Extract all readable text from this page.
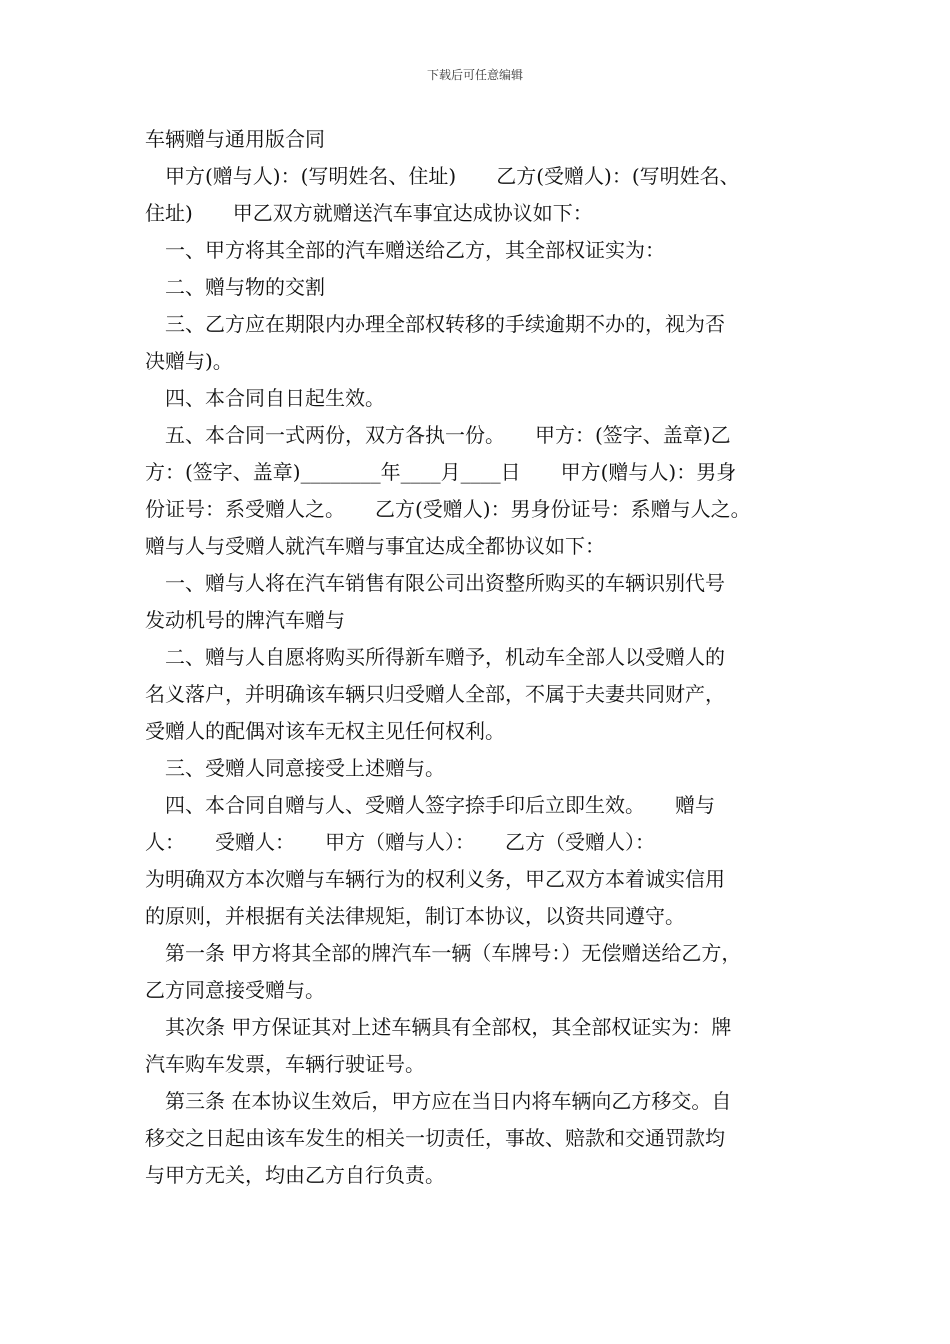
下载后可任意编辑
车辆赠与通用版合同
　甲方(赠与人)：(写明姓名、住址)　　乙方(受赠人)：(写明姓名、
住址)　　甲乙双方就赠送汽车事宜达成协议如下：
　一、甲方将其全部的汽车赠送给乙方，其全部权证实为：
　二、赠与物的交割
　三、乙方应在期限内办理全部权转移的手续逾期不办的，视为否
决赠与)。
　四、本合同自日起生效。
　五、本合同一式两份，双方各执一份。　　甲方：(签字、盖章)乙
方：(签字、盖章)________年____月____日　　甲方(赠与人)：男身
份证号：系受赠人之。　　乙方(受赠人)：男身份证号：系赠与人之。
赠与人与受赠人就汽车赠与事宜达成全都协议如下：
　一、赠与人将在汽车销售有限公司出资整所购买的车辆识别代号
发动机号的牌汽车赠与
　二、赠与人自愿将购买所得新车赠予，机动车全部人以受赠人的
名义落户，并明确该车辆只归受赠人全部，不属于夫妻共同财产，
受赠人的配偶对该车无权主见任何权利。
　三、受赠人同意接受上述赠与。
　四、本合同自赠与人、受赠人签字捺手印后立即生效。　　赠与
人：　　受赠人：　　甲方（赠与人）：　　乙方（受赠人）：
为明确双方本次赠与车辆行为的权利义务，甲乙双方本着诚实信用
的原则，并根据有关法律规矩，制订本协议，以资共同遵守。
　第一条 甲方将其全部的牌汽车一辆（车牌号：）无偿赠送给乙方，
乙方同意接受赠与。
　其次条 甲方保证其对上述车辆具有全部权，其全部权证实为：牌
汽车购车发票，车辆行驶证号。
　第三条 在本协议生效后，甲方应在当日内将车辆向乙方移交。自
移交之日起由该车发生的相关一切责任，事故、赔款和交通罚款均
与甲方无关，均由乙方自行负责。
